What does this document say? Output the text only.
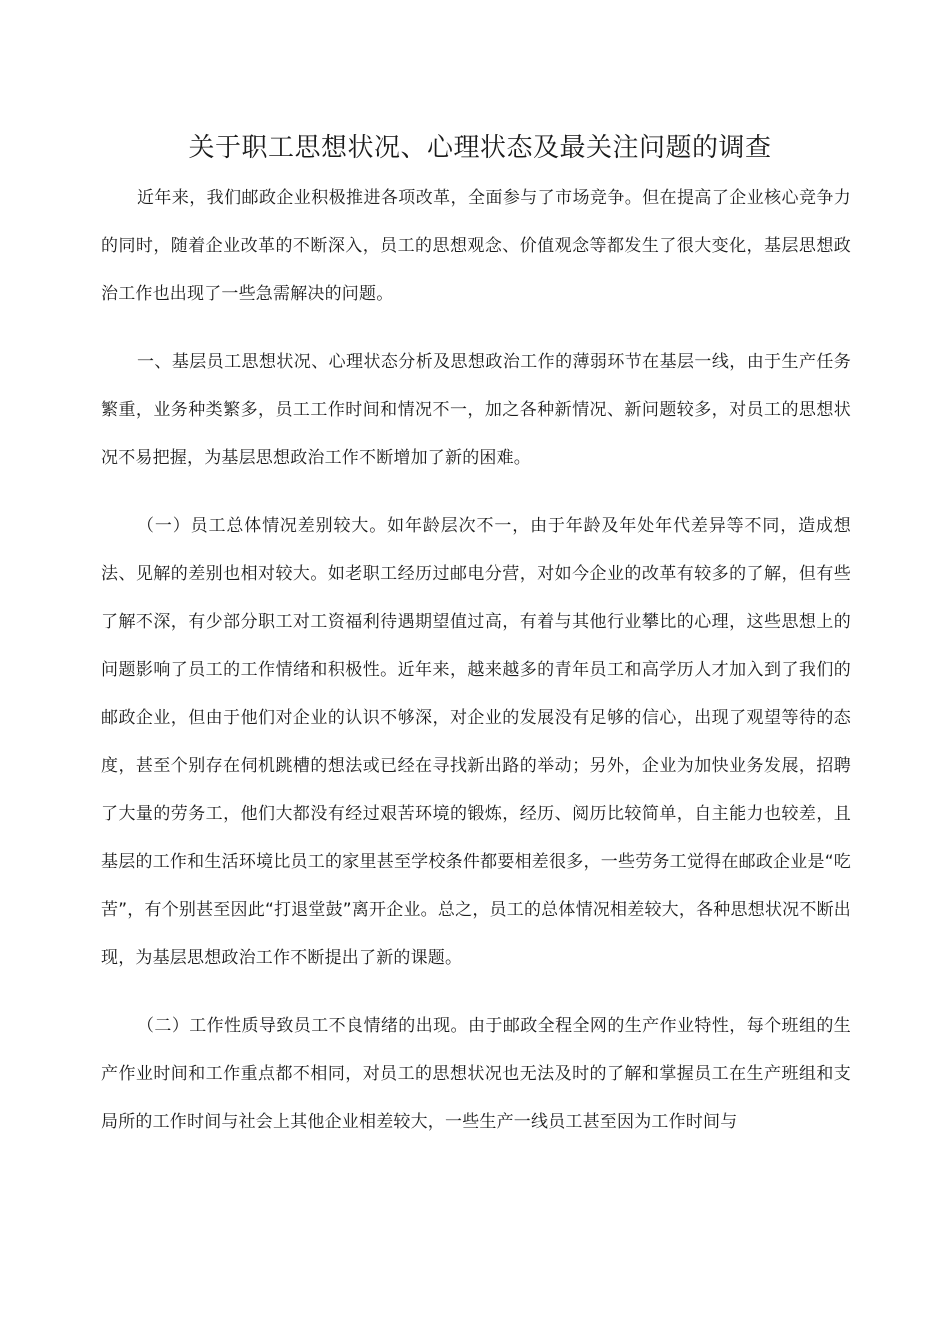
关于职工思想状况、心理状态及最关注问题的调查

近年来，我们邮政企业积极推进各项改革，全面参与了市场竞争。但在提高了企业核心竞争力的同时，随着企业改革的不断深入，员工的思想观念、价值观念等都发生了很大变化，基层思想政治工作也出现了一些急需解决的问题。

一、基层员工思想状况、心理状态分析及思想政治工作的薄弱环节在基层一线，由于生产任务繁重，业务种类繁多，员工工作时间和情况不一，加之各种新情况、新问题较多，对员工的思想状况不易把握，为基层思想政治工作不断增加了新的困难。

（一）员工总体情况差别较大。如年龄层次不一，由于年龄及年处年代差异等不同，造成想法、见解的差别也相对较大。如老职工经历过邮电分营，对如今企业的改革有较多的了解，但有些了解不深，有少部分职工对工资福利待遇期望值过高，有着与其他行业攀比的心理，这些思想上的问题影响了员工的工作情绪和积极性。近年来，越来越多的青年员工和高学历人才加入到了我们的邮政企业，但由于他们对企业的认识不够深，对企业的发展没有足够的信心，出现了观望等待的态度，甚至个别存在伺机跳槽的想法或已经在寻找新出路的举动；另外，企业为加快业务发展，招聘了大量的劳务工，他们大都没有经过艰苦环境的锻炼，经历、阅历比较简单，自主能力也较差，且基层的工作和生活环境比员工的家里甚至学校条件都要相差很多，一些劳务工觉得在邮政企业是“吃苦”，有个别甚至因此“打退堂鼓”离开企业。总之，员工的总体情况相差较大，各种思想状况不断出现，为基层思想政治工作不断提出了新的课题。

（二）工作性质导致员工不良情绪的出现。由于邮政全程全网的生产作业特性，每个班组的生产作业时间和工作重点都不相同，对员工的思想状况也无法及时的了解和掌握员工在生产班组和支局所的工作时间与社会上其他企业相差较大，一些生产一线员工甚至因为工作时间与
